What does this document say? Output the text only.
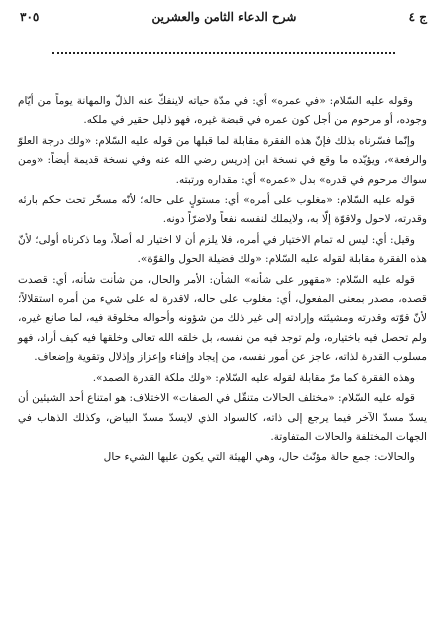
ج ٤
شرح الدعاء الثامن والعشرين
٣٠٥

وقوله عليه السّلام: «في عمره» أي: في مدّة حياته لاينفكّ عنه الذلّ والمهانة يوماً من أيّام وجوده، أو مرحوم من أجل كون عمره في قبضة غيره، فهو ذليل حقير في ملكه.

وإنّما فسّرناه بذلك فإنّ هذه الفقرة مقابلة لما قبلها من قوله عليه السّلام: «ولك درجة العلوّ والرفعة»، ويؤيّده ما وقع في نسخة ابن إدريس رضي الله عنه وفي نسخة قديمة أيضاً: «ومن سواك مرحوم في قدره» بدل «عمره» أي: مقداره ورتبته.

قوله عليه السّلام: «مغلوب على أمره» أي: مستولٍ على حاله؛ لأنّه مسخّر تحت حكم بارئه وقدرته، لاحول ولاقوّة إلّا به، ولايملك لنفسه نفعاً ولاضرّاً دونه.

وقيل: أي: ليس له تمام الاختيار في أمره، فلا يلزم أن لا اختيار له أصلاً، وما ذكرناه أولى؛ لأنّ هذه الفقرة مقابلة لقوله عليه السّلام: «ولك فضيلة الحول والقوّة».

قوله عليه السّلام: «مقهور على شأنه» الشأن: الأمر والحال، من شأنت شأنه، أي: قصدت قصده، مصدر بمعنى المفعول، أي: مغلوب على حاله، لاقدرة له على شيء من أمره استقلالاً؛ لأنّ قوّته وقدرته ومشيئته وإرادته إلى غير ذلك من شؤونه وأحواله مخلوقة فيه، لما صانع غيره، ولم تحصل فيه باختياره، ولم توجد فيه من نفسه، بل خلقه الله تعالى وخلقها فيه كيف أراد، فهو مسلوب القدرة لذاته، عاجز عن أمور نفسه، من إيجاد وإفناء وإعزاز وإذلال وتقوية وإضعاف.

وهذه الفقرة كما مرّ مقابلة لقوله عليه السّلام: «ولك ملكة القدرة الصمد».

قوله عليه السّلام: «مختلف الحالات متنقّل في الصفات» الاختلاف: هو امتناع أحد الشيئين أن يسدّ مسدّ الآخر فيما يرجع إلى ذاته، كالسواد الذي لايسدّ مسدّ البياض، وكذلك الذهاب في الجهات المختلفة والحالات المتفاوتة.

والحالات: جمع حالة مؤنّث حال، وهي الهيئة التي يكون عليها الشيء حال
